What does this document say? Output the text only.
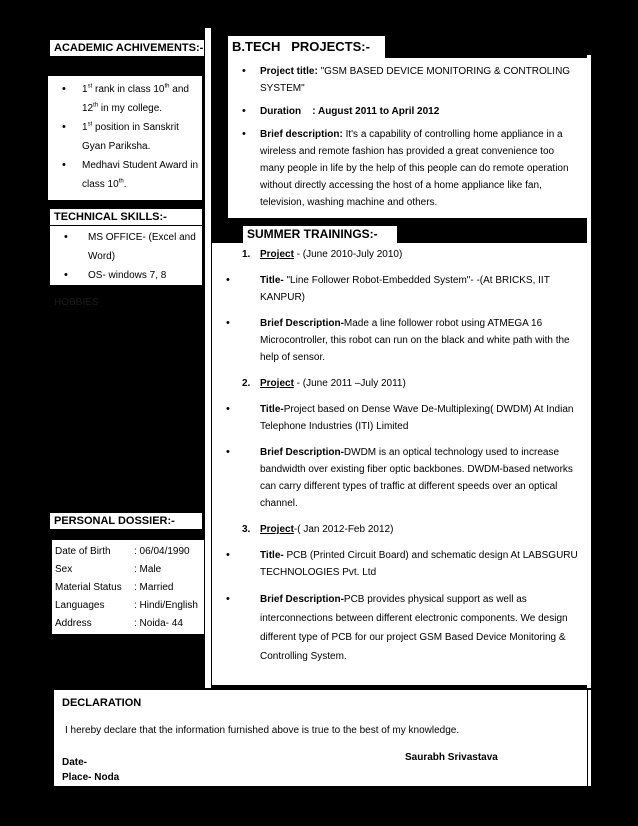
ACADEMIC ACHIVEMENTS:-
• 1st rank in class 10th and 12th in my college.
• 1st position in Sanskrit Gyan Pariksha.
• Medhavi Student Award in class 10th.
TECHNICAL SKILLS:-
• MS OFFICE- (Excel and Word)
• OS- windows 7, 8
HOBBIES
PERSONAL DOSSIER:-
Date of Birth	: 06/04/1990
Sex	: Male
Material Status	: Married
Languages	: Hindi/English
Address	: Noida- 44
B.TECH   PROJECTS:-
• Project title: "GSM BASED DEVICE MONITORING & CONTROLING SYSTEM"
• Duration    : August 2011 to April 2012
• Brief description: It's a capability of controlling home appliance in a wireless and remote fashion has provided a great convenience too many people in life by the help of this people can do remote operation without directly accessing the host of a home appliance like fan, television, washing machine and others.
SUMMER TRAININGS:-
1. Project - (June 2010-July 2010)
• Title- "Line Follower Robot-Embedded System"- -(At BRICKS, IIT KANPUR)
• Brief Description-Made a line follower robot using ATMEGA 16 Microcontroller, this robot can run on the black and white path with the help of sensor.
2. Project - (June 2011 –July 2011)
• Title-Project based on Dense Wave De-Multiplexing( DWDM) At Indian Telephone Industries (ITI) Limited
• Brief Description-DWDM is an optical technology used to increase bandwidth over existing fiber optic backbones. DWDM-based networks can carry different types of traffic at different speeds over an optical channel.
3. Project-( Jan 2012-Feb 2012)
• Title- PCB (Printed Circuit Board) and schematic design At LABSGURU TECHNOLOGIES Pvt. Ltd
• Brief Description-PCB provides physical support as well as interconnections between different electronic components. We design different type of PCB for our project GSM Based Device Monitoring & Controlling System.
DECLARATION
I hereby declare that the information furnished above is true to the best of my knowledge.
Date-	Saurabh Srivastava
Place- Noda
